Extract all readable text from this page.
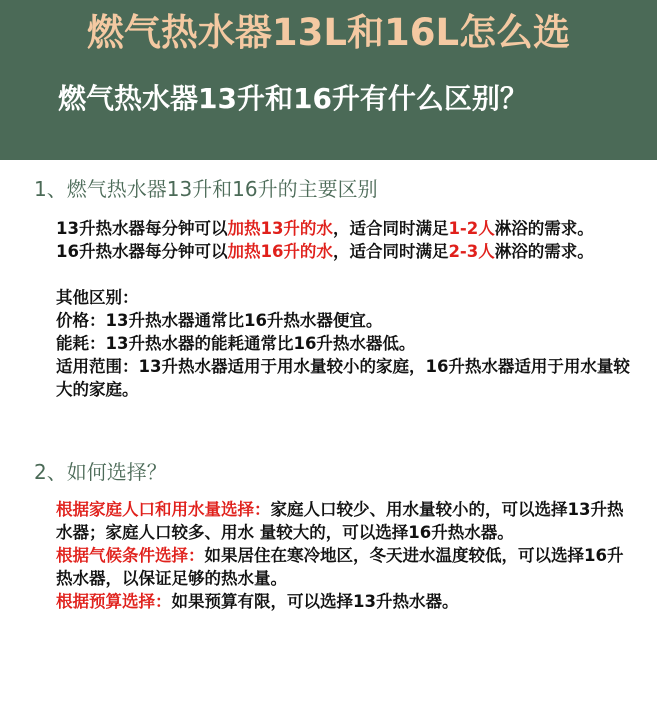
燃气热水器13L和16L怎么选
燃气热水器13升和16升有什么区别？
1、燃气热水器13升和16升的主要区别

13升热水器每分钟可以加热13升的水，适合同时满足1-2人淋浴的需求。

16升热水器每分钟可以加热16升的水，适合同时满足2-3人淋浴的需求。

其他区别：

价格：13升热水器通常比16升热水器便宜。

能耗：13升热水器的能耗通常比16升热水器低。

适用范围：13升热水器适用于用水量较小的家庭，16升热水器适用于用水量较大的家庭。

2、如何选择？

根据家庭人口和用水量选择：家庭人口较少、用水量较小的，可以选择13升热水器；家庭人口较多、用水 量较大的，可以选择16升热水器。

根据气候条件选择：如果居住在寒冷地区，冬天进水温度较低，可以选择16升热水器，以保证足够的热水量。

根据预算选择：如果预算有限，可以选择13升热水器。
